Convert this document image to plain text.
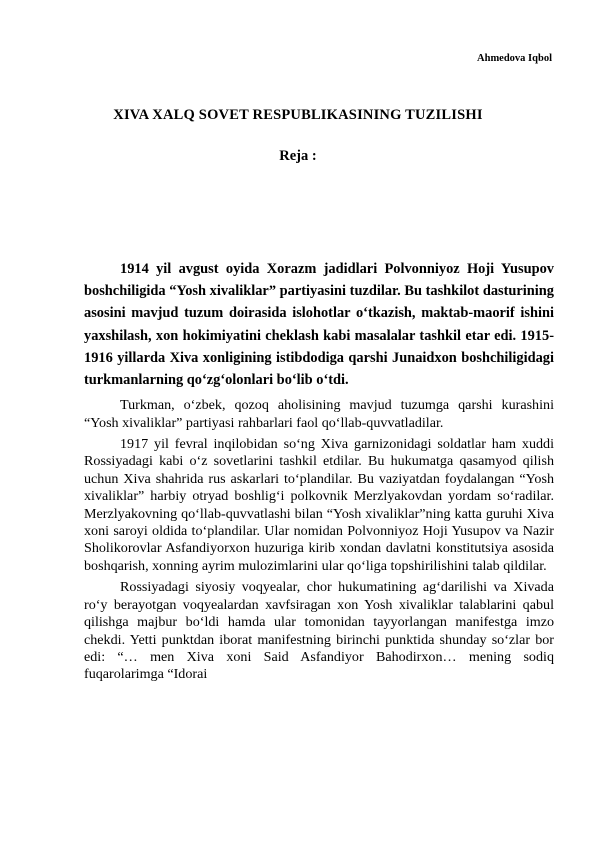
Ahmedova Iqbol
XIVA XALQ SOVET RESPUBLIKASINING TUZILISHI
Reja :

1914 yil avgust oyida Xorazm jadidlari Polvonniyoz Hoji Yusupov boshchiligida “Yosh xivaliklar” partiyasini tuzdilar. Bu tashkilot dasturining asosini mavjud tuzum doirasida islohotlar o‘tkazish, maktab-maorif ishini yaxshilash, xon hokimiyatini cheklash kabi masalalar tashkil etar edi. 1915-1916 yillarda Xiva xonligining istibdodiga qarshi Junaidxon boshchiligidagi turkmanlarning qo‘zg‘olonlari bo‘lib o‘tdi.

Turkman, o‘zbek, qozoq aholisining mavjud tuzumga qarshi kurashini “Yosh xivaliklar” partiyasi rahbarlari faol qo‘llab-quvvatladilar.

1917 yil fevral inqilobidan so‘ng Xiva garnizonidagi soldatlar ham xuddi Rossiyadagi kabi o‘z sovetlarini tashkil etdilar. Bu hukumatga qasamyod qilish uchun Xiva shahrida rus askarlari to‘plandilar. Bu vaziyatdan foydalangan “Yosh xivaliklar” harbiy otryad boshlig‘i polkovnik Merzlyakovdan yordam so‘radilar. Merzlyakovning qo‘llab-quvvatlashi bilan “Yosh xivaliklar”ning katta guruhi Xiva xoni saroyi oldida to‘plandilar. Ular nomidan Polvonniyoz Hoji Yusupov va Nazir Sholikorovlar Asfandiyorxon huzuriga kirib xondan davlatni konstitutsiya asosida boshqarish, xonning ayrim mulozimlarini ular qo‘liga topshirilishini talab qildilar.

Rossiyadagi siyosiy voqyealar, chor hukumatining ag‘darilishi va Xivada ro‘y berayotgan voqyealardan xavfsiragan xon Yosh xivaliklar talablarini qabul qilishga majbur bo‘ldi hamda ular tomonidan tayyorlangan manifestga imzo chekdi. Yetti punktdan iborat manifestning birinchi punktida shunday so‘zlar bor edi: “… men Xiva xoni Said Asfandiyor Bahodirxon… mening sodiq fuqarolarimga “Idorai
